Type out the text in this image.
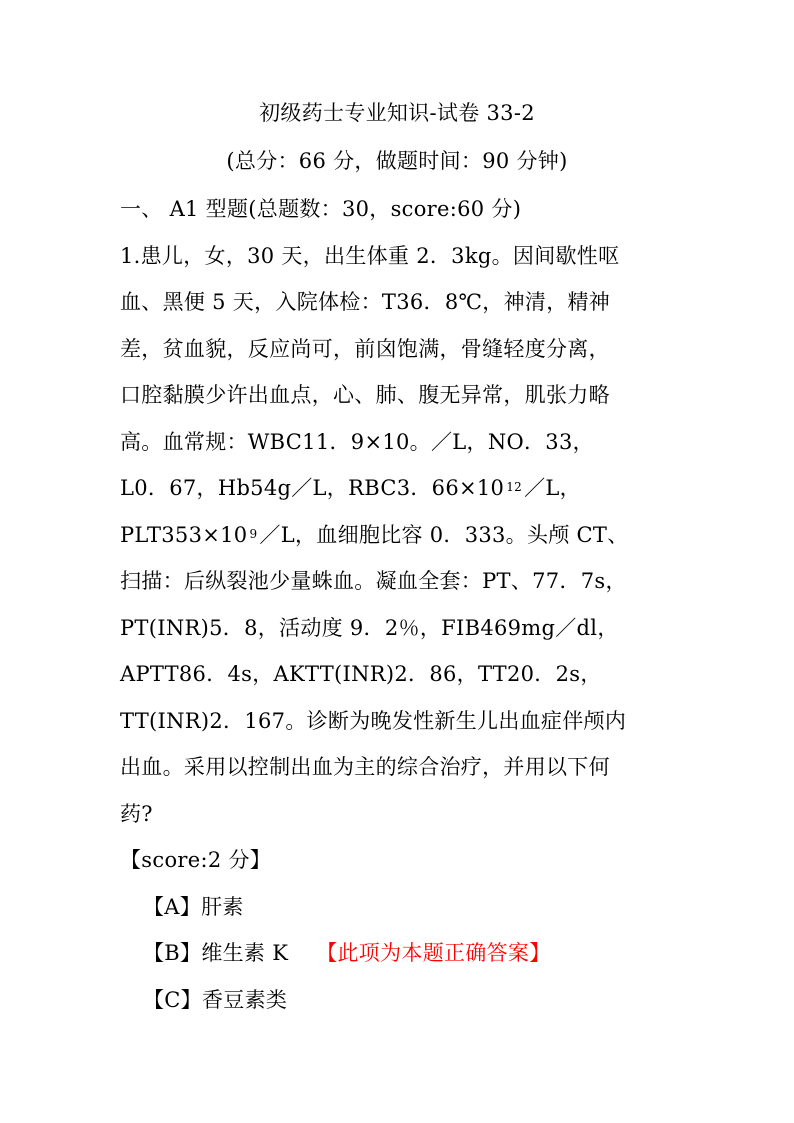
初级药士专业知识-试卷 33-2
(总分：66 分，做题时间：90 分钟)
一、 A1 型题(总题数：30，score:60 分)
1.患儿，女，30 天，出生体重 2．3kg。因间歇性呕
血、黑便 5 天，入院体检：T36．8℃，神清，精神
差，贫血貌，反应尚可，前囟饱满，骨缝轻度分离，
口腔黏膜少许出血点，心、肺、腹无异常，肌张力略
高。血常规：WBC11．9×10。／L，NO．33，
L0．67，Hb54g／L，RBC3．66×10 $^{12}$／L，
PLT353×10 $^9$／L，血细胞比容 0．333。头颅 CT、
扫描：后纵裂池少量蛛血。凝血全套：PT、77．7s，
PT(INR)5．8，活动度 9．2％，FIB469mg／dl，
APTT86．4s，AKTT(INR)2．86，TT20．2s，
TT(INR)2．167。诊断为晚发性新生儿出血症伴颅内
出血。采用以控制出血为主的综合治疗，并用以下何
药?
【score:2 分】
【A】肝素
【B】维生素 K 【此项为本题正确答案】
【C】香豆素类
